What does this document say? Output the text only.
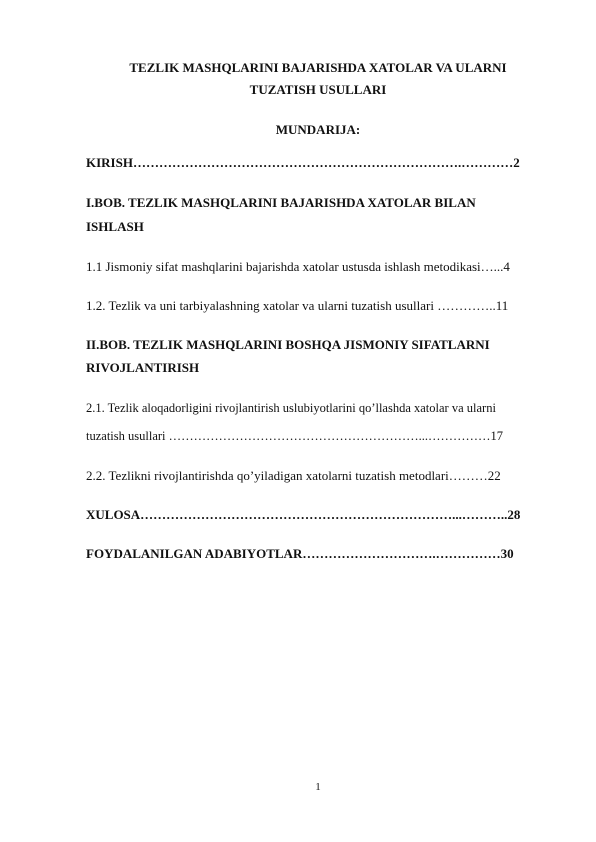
TEZLIK MASHQLARINI BAJARISHDA XATOLAR VA ULARNI
TUZATISH USULLARI
MUNDARIJA:
KIRISH………………………………………………………………….…………2
I.BOB. TEZLIK MASHQLARINI BAJARISHDA XATOLAR BILAN
ISHLASH
1.1 Jismoniy sifat mashqlarini bajarishda xatolar ustusda ishlash metodikasi…...4
1.2. Tezlik va uni tarbiyalashning xatolar va ularni tuzatish usullari …………..11
II.BOB. TEZLIK MASHQLARINI BOSHQA JISMONIY SIFATLARNI
RIVOJLANTIRISH
2.1. Tezlik aloqadorligini rivojlantirish uslubiyotlarini qo’llashda xatolar va ularni
tuzatish usullari ……………………………………………………...……………17
2.2. Tezlikni rivojlantirishda qo’yiladigan xatolarni tuzatish metodlari………22
XULOSA………………………………………………………………...………..28
FOYDALANILGAN ADABIYOTLAR………………………….……………30
1
